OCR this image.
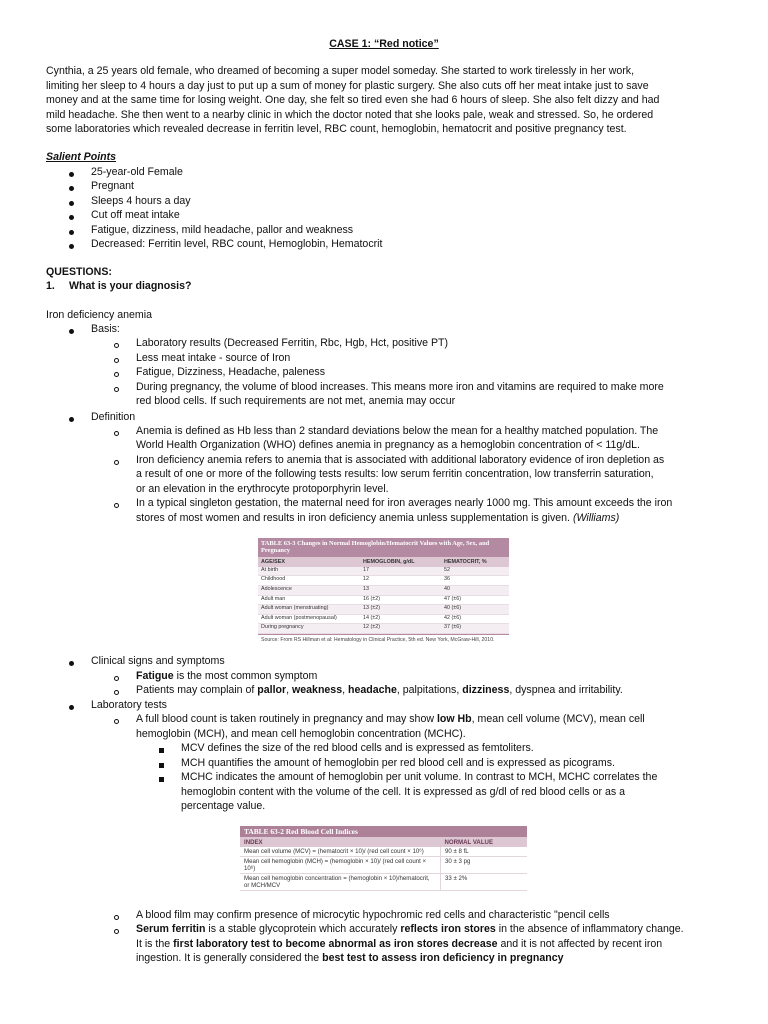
CASE 1: “Red notice”
Cynthia, a 25 years old female, who dreamed of becoming a super model someday. She started to work tirelessly in her work,
limiting her sleep to 4 hours a day just to put up a sum of money for plastic surgery. She also cuts off her meat intake just to save
money and at the same time for losing weight. One day, she felt so tired even she had 6 hours of sleep. She also felt dizzy and had
mild headache. She then went to a nearby clinic in which the doctor noted that she looks pale, weak and stressed. So, he ordered
some laboratories which revealed decrease in ferritin level, RBC count, hemoglobin, hematocrit and positive pregnancy test.
Salient Points
25-year-old Female
Pregnant
Sleeps 4 hours a day
Cut off meat intake
Fatigue, dizziness, mild headache, pallor and weakness
Decreased: Ferritin level, RBC count, Hemoglobin, Hematocrit
QUESTIONS:
1. What is your diagnosis?
Iron deficiency anemia
Basis:
Laboratory results (Decreased Ferritin, Rbc, Hgb, Hct, positive PT)
Less meat intake - source of Iron
Fatigue, Dizziness, Headache, paleness
During pregnancy, the volume of blood increases. This means more iron and vitamins are required to make more
red blood cells. If such requirements are not met, anemia may occur
Definition
Anemia is defined as Hb less than 2 standard deviations below the mean for a healthy matched population. The
World Health Organization (WHO) defines anemia in pregnancy as a hemoglobin concentration of < 11g/dL.
Iron deficiency anemia refers to anemia that is associated with additional laboratory evidence of iron depletion as
a result of one or more of the following tests results: low serum ferritin concentration, low transferrin saturation,
or an elevation in the erythrocyte protoporphyrin level.
In a typical singleton gestation, the maternal need for iron averages nearly 1000 mg. This amount exceeds the iron
stores of most women and results in iron deficiency anemia unless supplementation is given. (Williams)
TABLE 63-3 Changes in Normal Hemoglobin/Hematocrit Values with Age, Sex, and Pregnancy
AGE/SEX	HEMOGLOBIN, g/dL	HEMATOCRIT, %
At birth	17	52
Childhood	12	36
Adolescence	13	40
Adult man	16 (±2)	47 (±6)
Adult woman (menstruating)	13 (±2)	40 (±6)
Adult woman (postmenopausal)	14 (±2)	42 (±6)
During pregnancy	12 (±2)	37 (±6)
Source: From RS Hillman et al: Hematology in Clinical Practice, 5th ed. New York, McGraw-Hill, 2010.
Clinical signs and symptoms
Fatigue is the most common symptom
Patients may complain of pallor, weakness, headache, palpitations, dizziness, dyspnea and irritability.
Laboratory tests
A full blood count is taken routinely in pregnancy and may show low Hb, mean cell volume (MCV), mean cell
hemoglobin (MCH), and mean cell hemoglobin concentration (MCHC).
MCV defines the size of the red blood cells and is expressed as femtoliters.
MCH quantifies the amount of hemoglobin per red blood cell and is expressed as picograms.
MCHC indicates the amount of hemoglobin per unit volume. In contrast to MCH, MCHC correlates the
hemoglobin content with the volume of the cell. It is expressed as g/dl of red blood cells or as a
percentage value.
TABLE 63-2 Red Blood Cell Indices
INDEX	NORMAL VALUE
Mean cell volume (MCV) = (hematocrit × 10)/ (red cell count × 10⁶)	90 ± 8 fL
Mean cell hemoglobin (MCH) = (hemoglobin × 10)/ (red cell count × 10⁶)	30 ± 3 pg
Mean cell hemoglobin concentration = (hemoglobin × 10)/hematocrit, or MCH/MCV	33 ± 2%
A blood film may confirm presence of microcytic hypochromic red cells and characteristic "pencil cells
Serum ferritin is a stable glycoprotein which accurately reflects iron stores in the absence of inflammatory change.
It is the first laboratory test to become abnormal as iron stores decrease and it is not affected by recent iron
ingestion. It is generally considered the best test to assess iron deficiency in pregnancy
